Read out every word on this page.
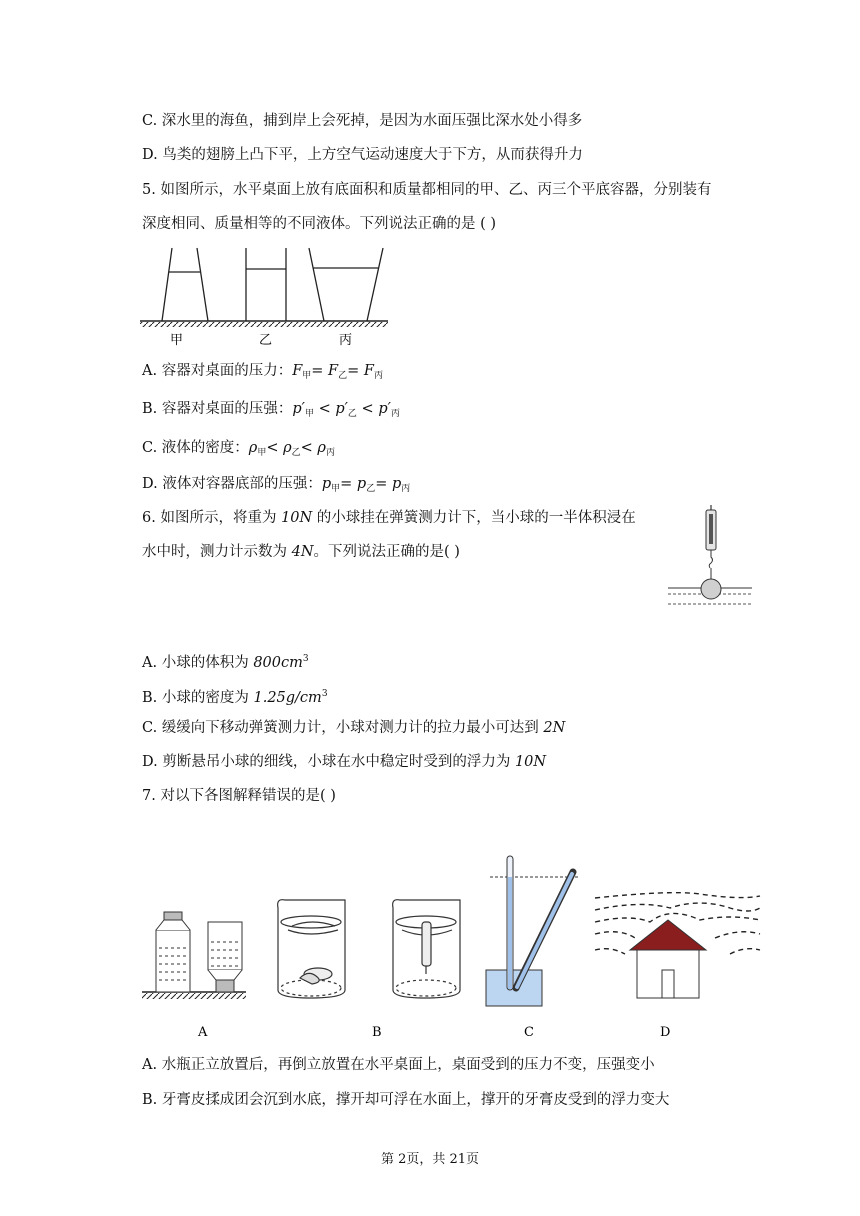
C. 深水里的海鱼，捕到岸上会死掉，是因为水面压强比深水处小得多
D. 鸟类的翅膀上凸下平，上方空气运动速度大于下方，从而获得升力
5. 如图所示，水平桌面上放有底面积和质量都相同的甲、乙、丙三个平底容器，分别装有
深度相同、质量相等的不同液体。下列说法正确的是 ( )
甲	乙	丙
A. 容器对桌面的压力：$F_甲= F_乙= F_丙$
B. 容器对桌面的压强：$p'_甲 < p'_乙 < p'_丙$
C. 液体的密度：$\rho_甲< \rho_乙< \rho_丙$
D. 液体对容器底部的压强：$p_甲= p_乙= p_丙$
6. 如图所示，将重为 10N 的小球挂在弹簧测力计下，当小球的一半体积浸在
水中时，测力计示数为 4N。下列说法正确的是( )
A. 小球的体积为 $800cm^3$
B. 小球的密度为 $1.25g/cm^3$
C. 缓缓向下移动弹簧测力计，小球对测力计的拉力最小可达到 2N
D. 剪断悬吊小球的细线，小球在水中稳定时受到的浮力为 10N
7. 对以下各图解释错误的是( )
A	B	C	D
A. 水瓶正立放置后，再倒立放置在水平桌面上，桌面受到的压力不变，压强变小
B. 牙膏皮揉成团会沉到水底，撑开却可浮在水面上，撑开的牙膏皮受到的浮力变大
第 2页，共 21页
